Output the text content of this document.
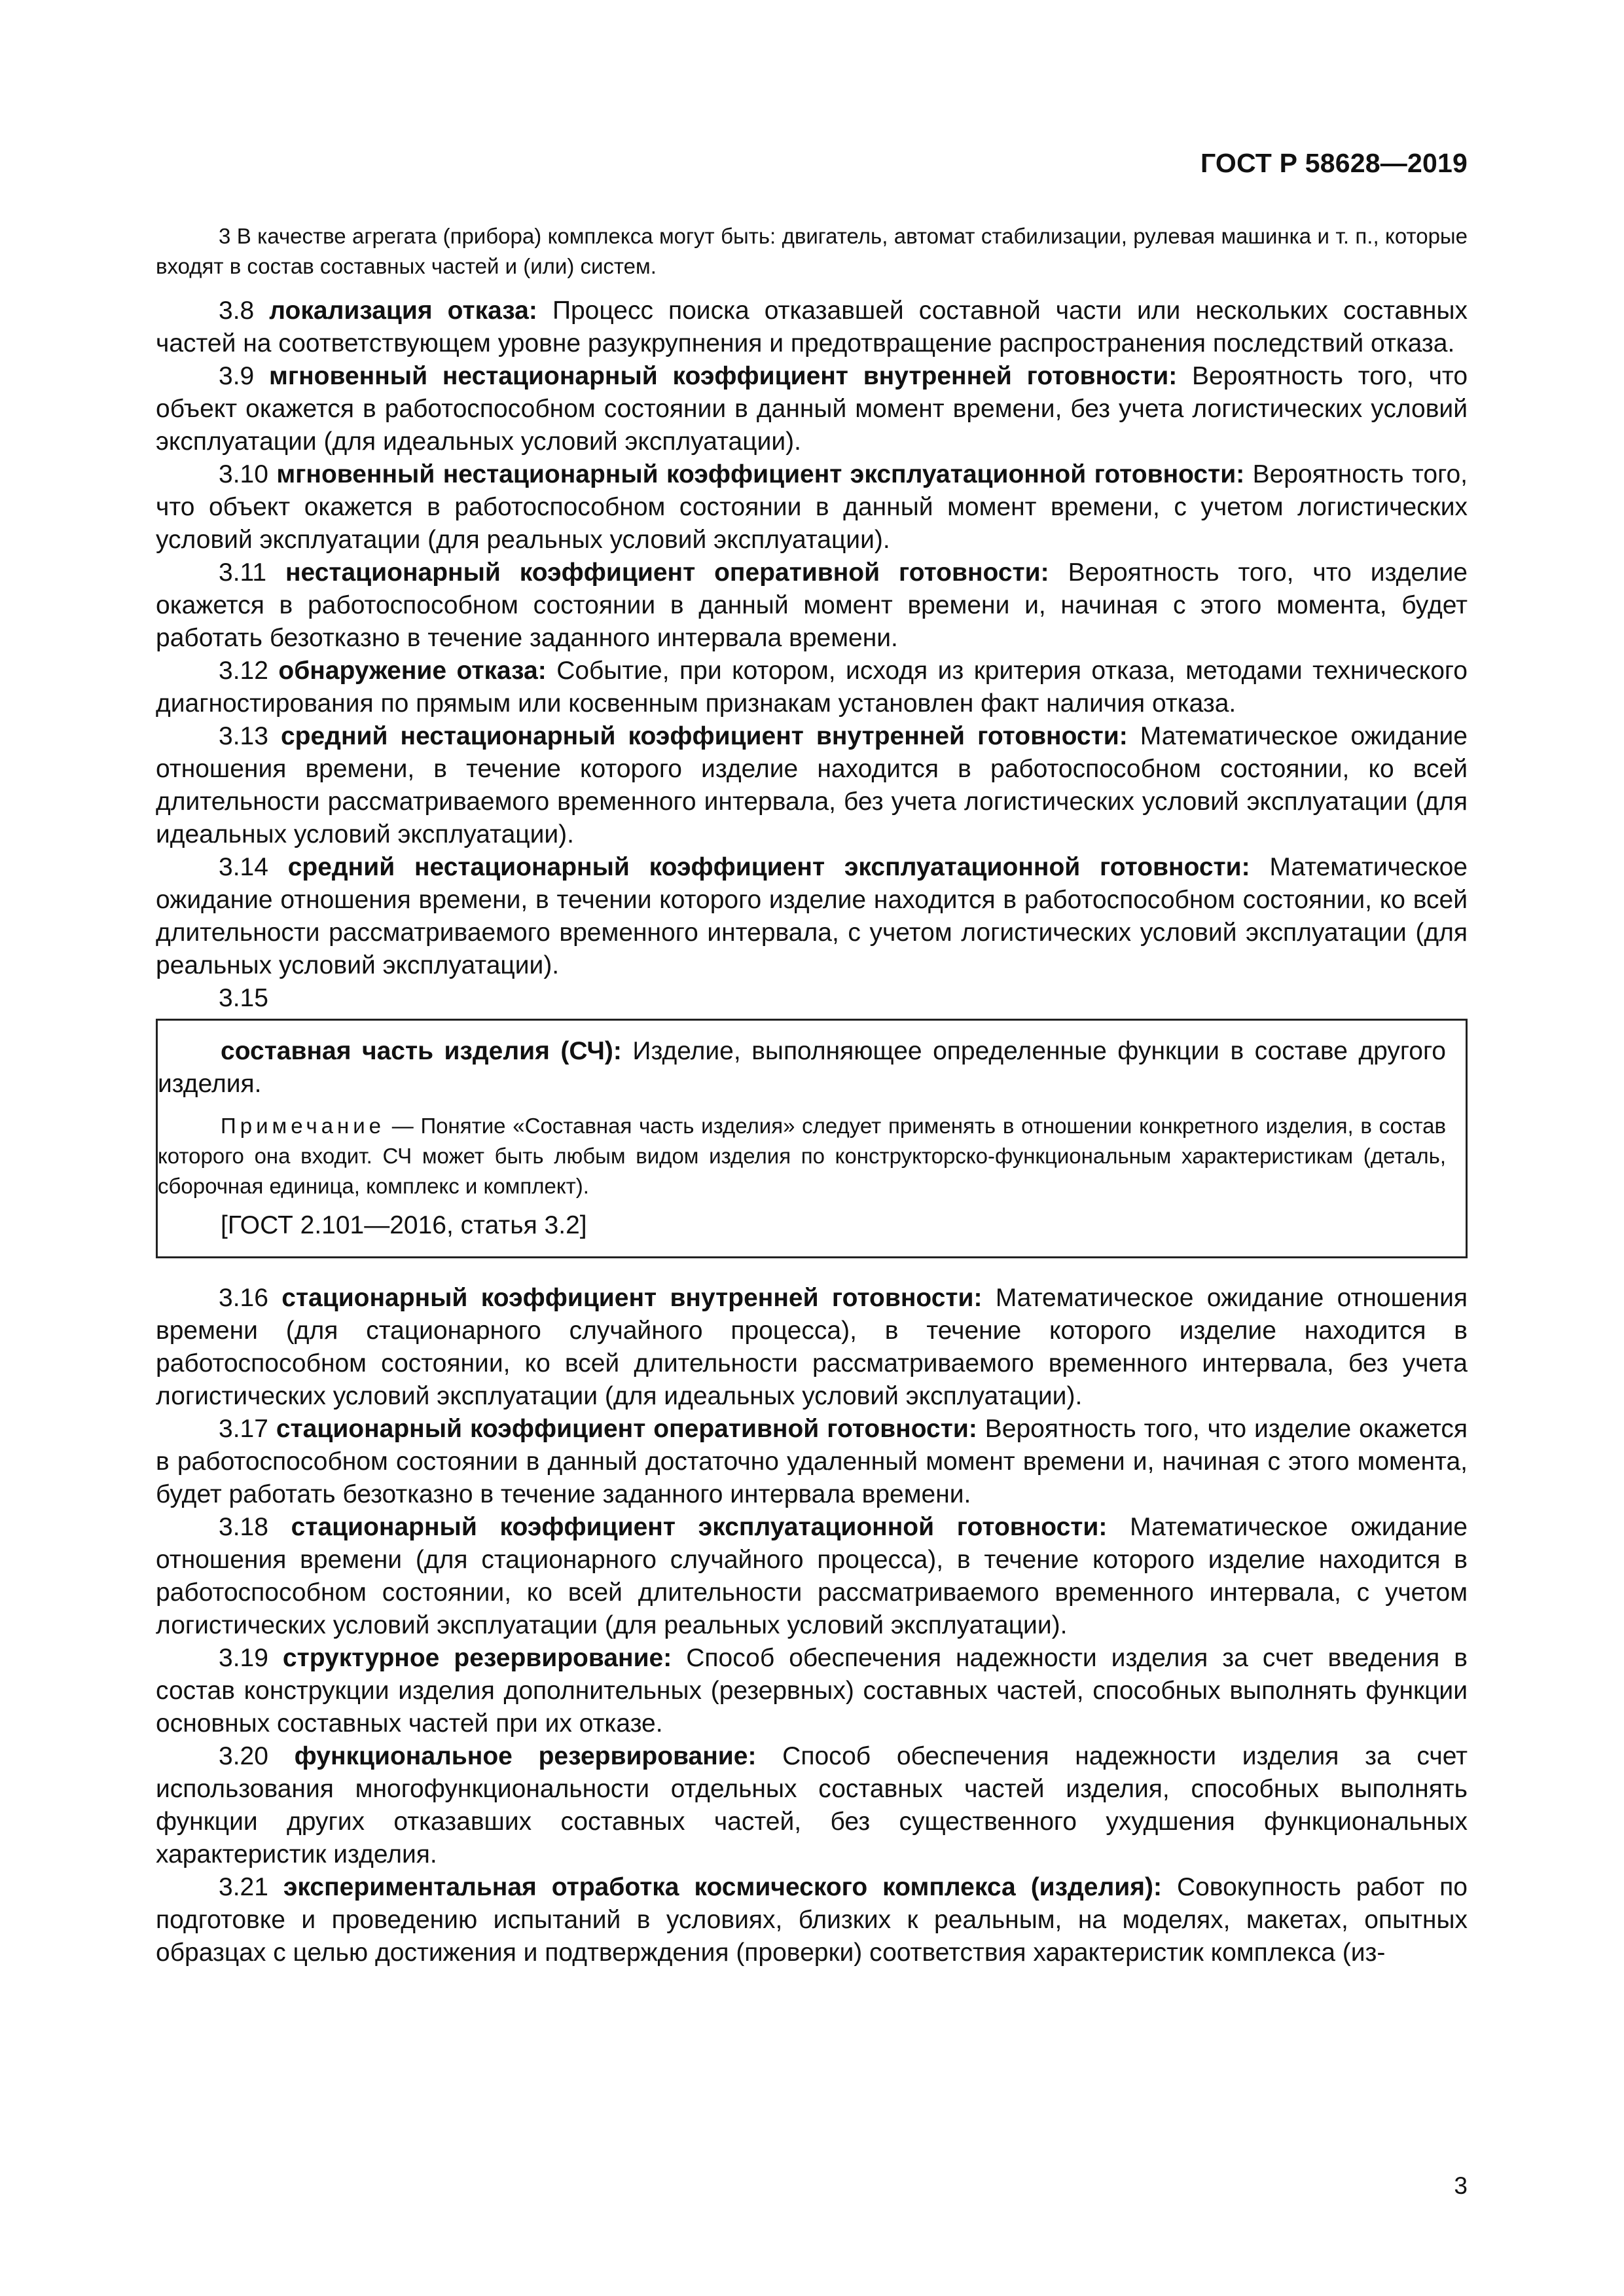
ГОСТ Р 58628—2019

3 В качестве агрегата (прибора) комплекса могут быть: двигатель, автомат стабилизации, рулевая машинка и т. п., которые входят в состав составных частей и (или) систем.

3.8 локализация отказа: Процесс поиска отказавшей составной части или нескольких составных частей на соответствующем уровне разукрупнения и предотвращение распространения последствий отказа.

3.9 мгновенный нестационарный коэффициент внутренней готовности: Вероятность того, что объект окажется в работоспособном состоянии в данный момент времени, без учета логистических условий эксплуатации (для идеальных условий эксплуатации).

3.10 мгновенный нестационарный коэффициент эксплуатационной готовности: Вероятность того, что объект окажется в работоспособном состоянии в данный момент времени, с учетом логистических условий эксплуатации (для реальных условий эксплуатации).

3.11 нестационарный коэффициент оперативной готовности: Вероятность того, что изделие окажется в работоспособном состоянии в данный момент времени и, начиная с этого момента, будет работать безотказно в течение заданного интервала времени.

3.12 обнаружение отказа: Событие, при котором, исходя из критерия отказа, методами технического диагностирования по прямым или косвенным признакам установлен факт наличия отказа.

3.13 средний нестационарный коэффициент внутренней готовности: Математическое ожидание отношения времени, в течение которого изделие находится в работоспособном состоянии, ко всей длительности рассматриваемого временного интервала, без учета логистических условий эксплуатации (для идеальных условий эксплуатации).

3.14 средний нестационарный коэффициент эксплуатационной готовности: Математическое ожидание отношения времени, в течении которого изделие находится в работоспособном состоянии, ко всей длительности рассматриваемого временного интервала, с учетом логистических условий эксплуатации (для реальных условий эксплуатации).

3.15

составная часть изделия (СЧ): Изделие, выполняющее определенные функции в составе другого изделия.

Примечание — Понятие «Составная часть изделия» следует применять в отношении конкретного изделия, в состав которого она входит. СЧ может быть любым видом изделия по конструкторско-функциональным характеристикам (деталь, сборочная единица, комплекс и комплект).

[ГОСТ 2.101—2016, статья 3.2]

3.16 стационарный коэффициент внутренней готовности: Математическое ожидание отношения времени (для стационарного случайного процесса), в течение которого изделие находится в работоспособном состоянии, ко всей длительности рассматриваемого временного интервала, без учета логистических условий эксплуатации (для идеальных условий эксплуатации).

3.17 стационарный коэффициент оперативной готовности: Вероятность того, что изделие окажется в работоспособном состоянии в данный достаточно удаленный момент времени и, начиная с этого момента, будет работать безотказно в течение заданного интервала времени.

3.18 стационарный коэффициент эксплуатационной готовности: Математическое ожидание отношения времени (для стационарного случайного процесса), в течение которого изделие находится в работоспособном состоянии, ко всей длительности рассматриваемого временного интервала, с учетом логистических условий эксплуатации (для реальных условий эксплуатации).

3.19 структурное резервирование: Способ обеспечения надежности изделия за счет введения в состав конструкции изделия дополнительных (резервных) составных частей, способных выполнять функции основных составных частей при их отказе.

3.20 функциональное резервирование: Способ обеспечения надежности изделия за счет использования многофункциональности отдельных составных частей изделия, способных выполнять функции других отказавших составных частей, без существенного ухудшения функциональных характеристик изделия.

3.21 экспериментальная отработка космического комплекса (изделия): Совокупность работ по подготовке и проведению испытаний в условиях, близких к реальным, на моделях, макетах, опытных образцах с целью достижения и подтверждения (проверки) соответствия характеристик комплекса (из-

3
